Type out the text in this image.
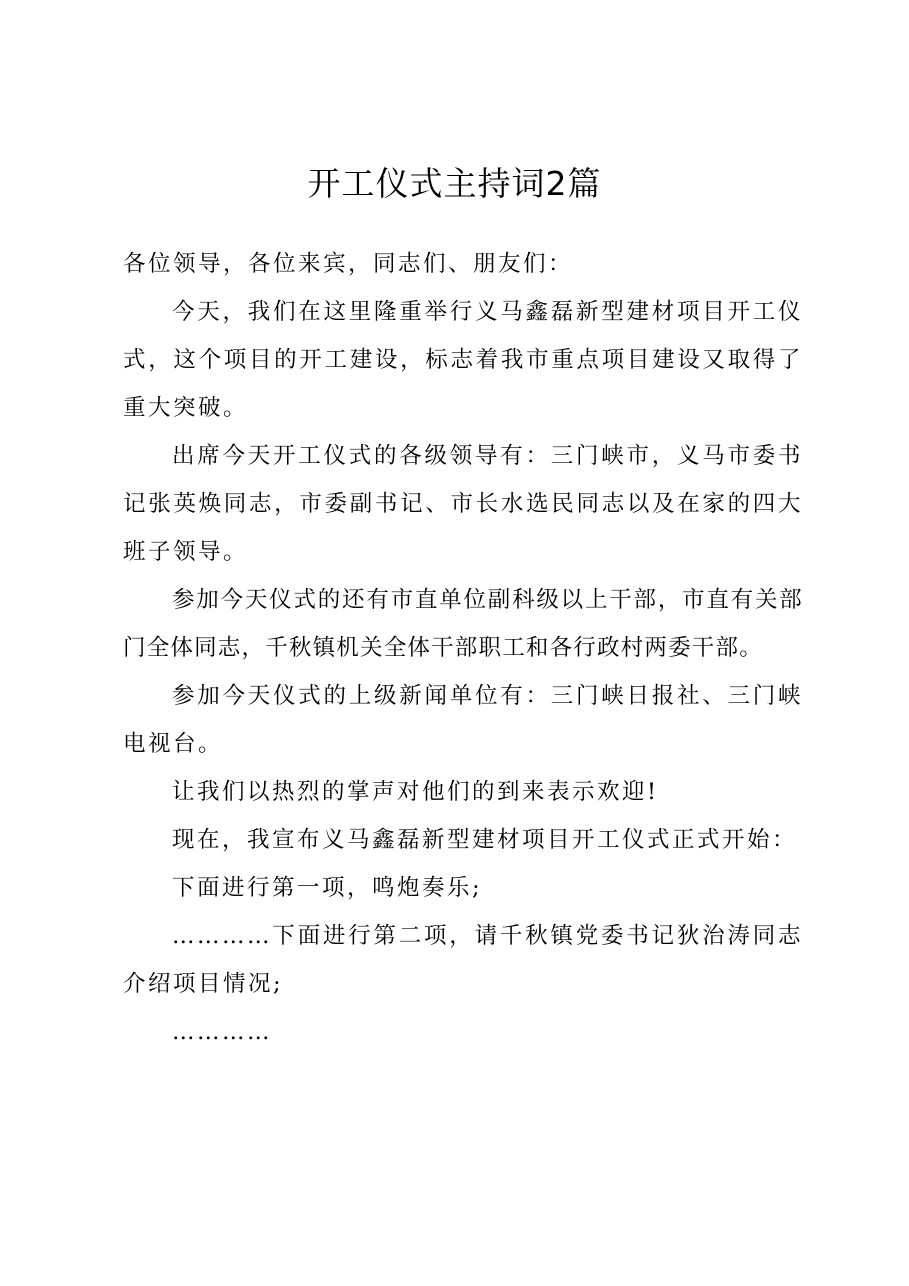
开工仪式主持词2篇

各位领导，各位来宾，同志们、朋友们：

今天，我们在这里隆重举行义马鑫磊新型建材项目开工仪式，这个项目的开工建设，标志着我市重点项目建设又取得了重大突破。

出席今天开工仪式的各级领导有：三门峡市，义马市委书记张英焕同志，市委副书记、市长水选民同志以及在家的四大班子领导。

参加今天仪式的还有市直单位副科级以上干部，市直有关部门全体同志，千秋镇机关全体干部职工和各行政村两委干部。

参加今天仪式的上级新闻单位有：三门峡日报社、三门峡电视台。

让我们以热烈的掌声对他们的到来表示欢迎!

现在，我宣布义马鑫磊新型建材项目开工仪式正式开始：

下面进行第一项，鸣炮奏乐;

…………下面进行第二项，请千秋镇党委书记狄治涛同志介绍项目情况;

…………
